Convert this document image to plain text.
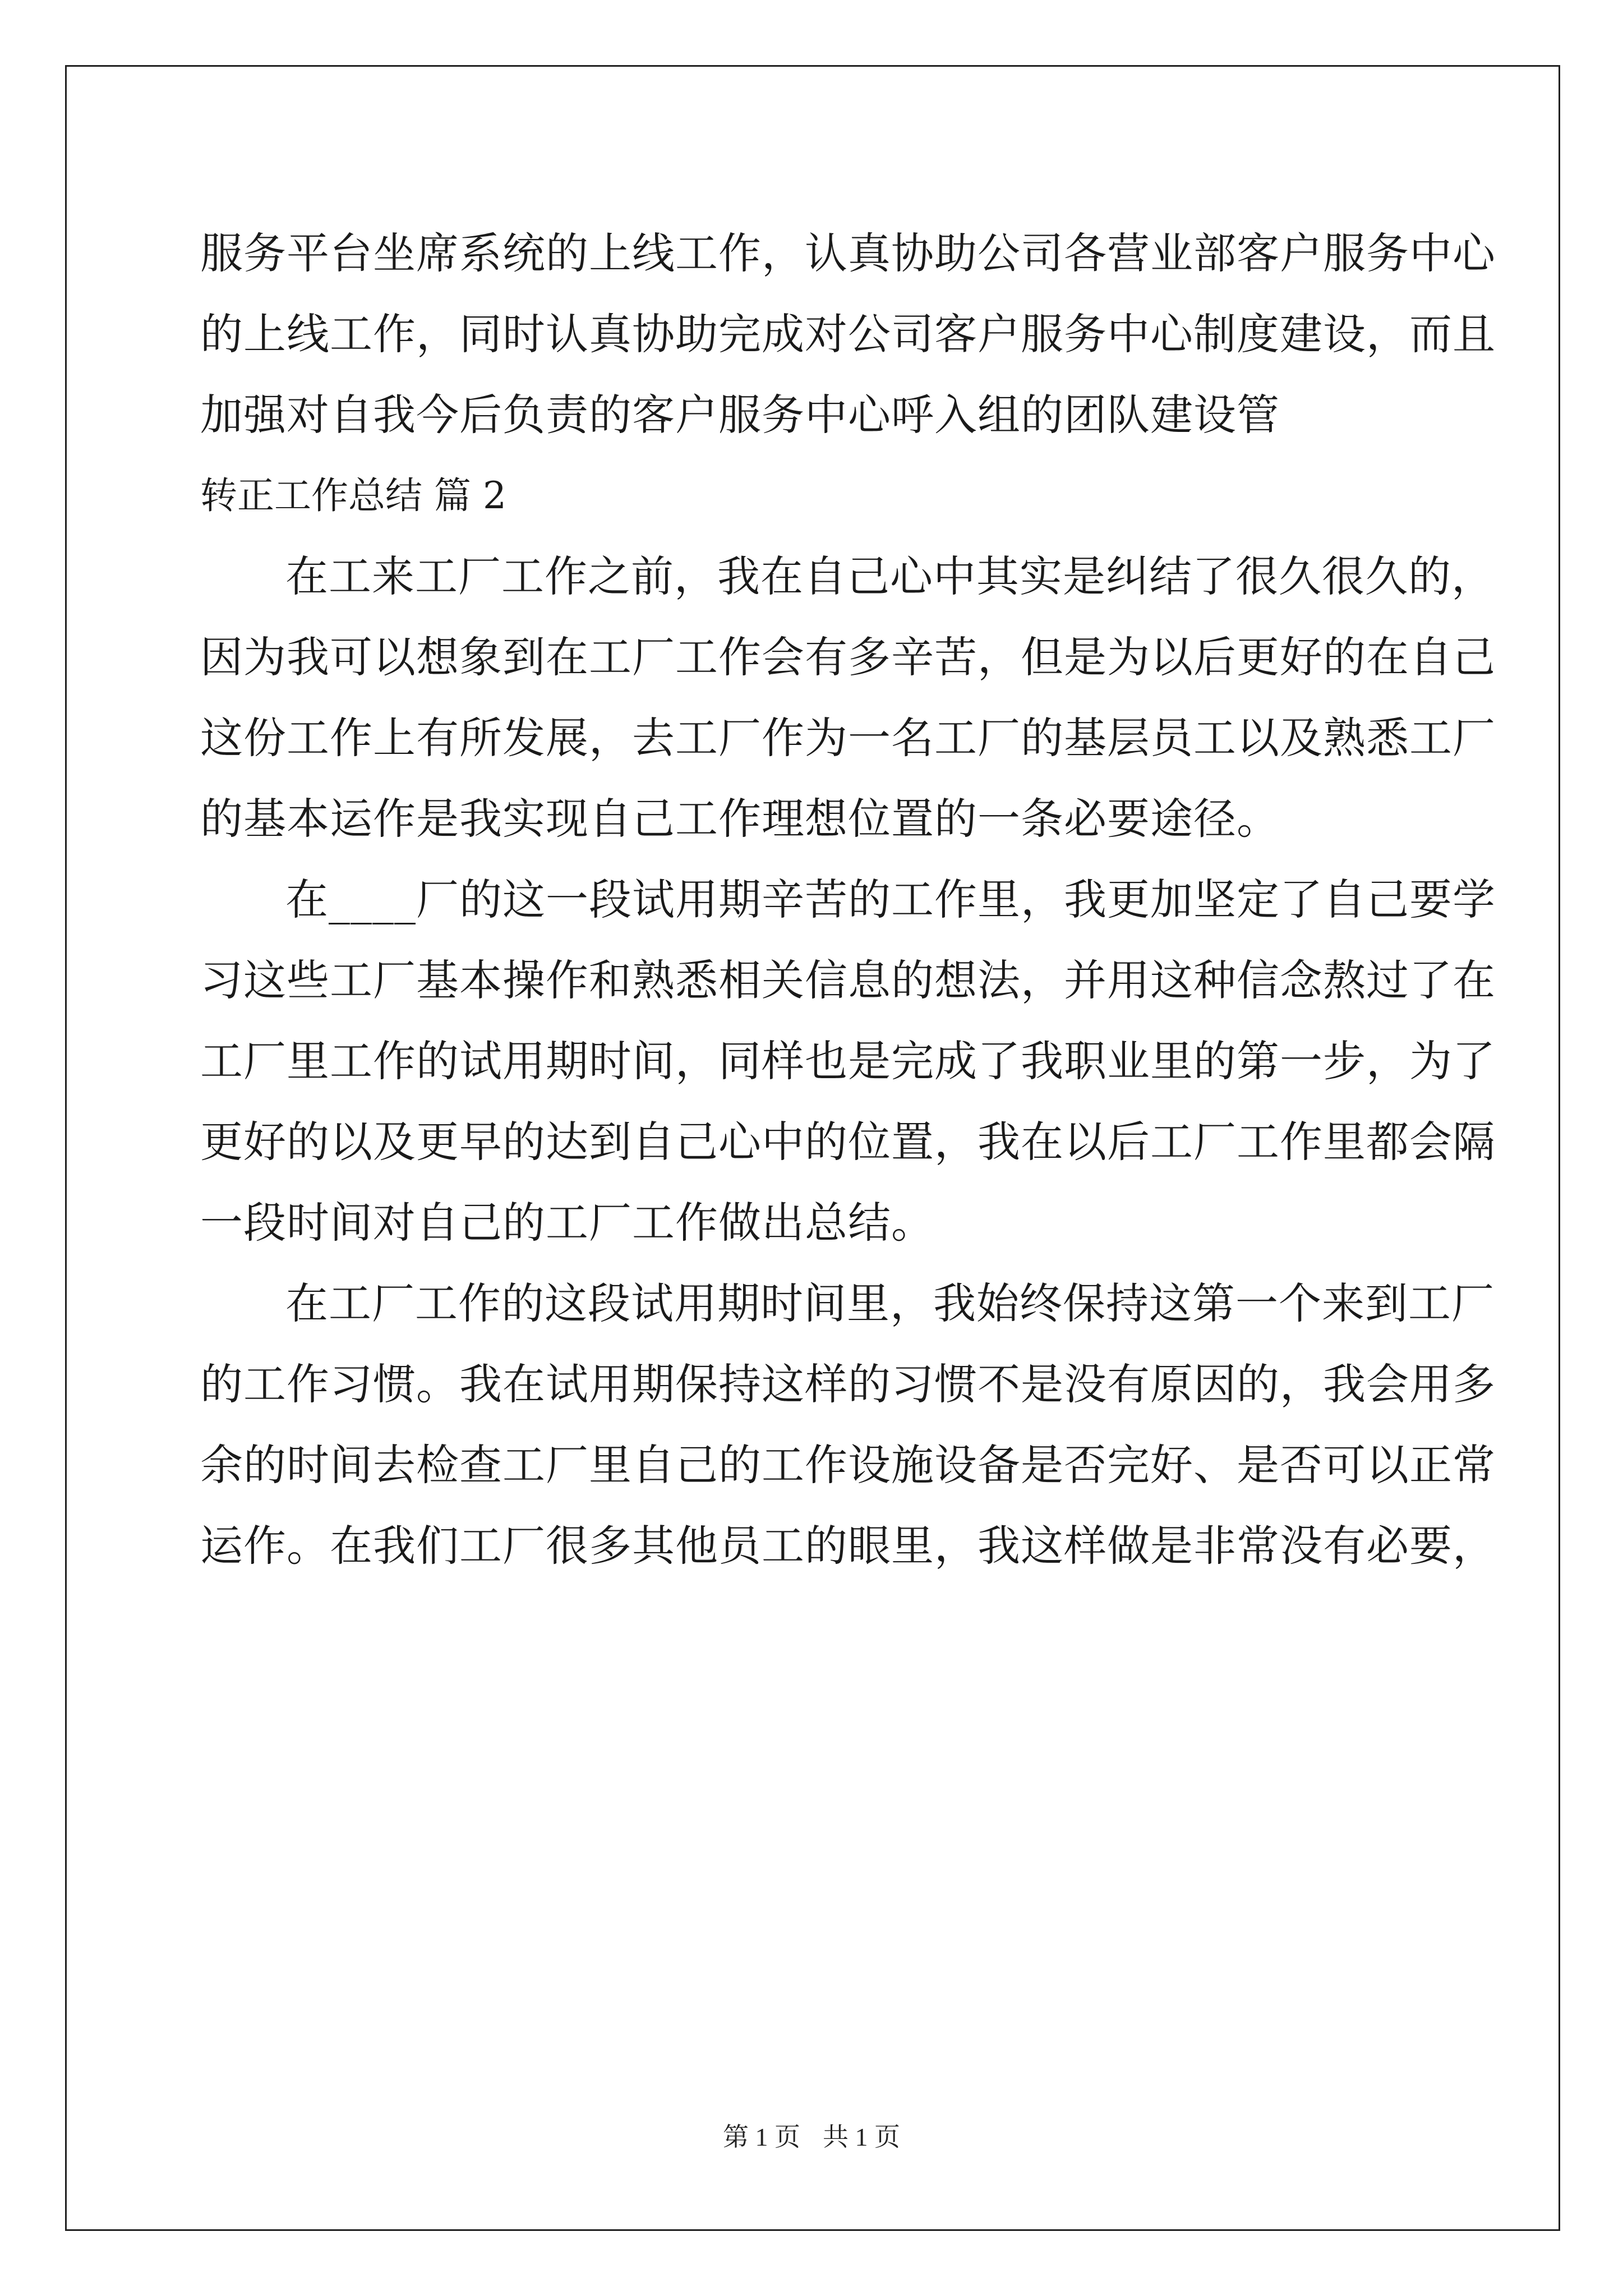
服务平台坐席系统的上线工作，认真协助公司各营业部客户服务中心
的上线工作，同时认真协助完成对公司客户服务中心制度建设，而且
加强对自我今后负责的客户服务中心呼入组的团队建设管
转正工作总结 篇 2
在工来工厂工作之前，我在自己心中其实是纠结了很久很久的，
因为我可以想象到在工厂工作会有多辛苦，但是为以后更好的在自己
这份工作上有所发展，去工厂作为一名工厂的基层员工以及熟悉工厂
的基本运作是我实现自己工作理想位置的一条必要途径。
在____厂的这一段试用期辛苦的工作里，我更加坚定了自己要学
习这些工厂基本操作和熟悉相关信息的想法，并用这种信念熬过了在
工厂里工作的试用期时间，同样也是完成了我职业里的第一步，为了
更好的以及更早的达到自己心中的位置，我在以后工厂工作里都会隔
一段时间对自己的工厂工作做出总结。
在工厂工作的这段试用期时间里，我始终保持这第一个来到工厂
的工作习惯。我在试用期保持这样的习惯不是没有原因的，我会用多
余的时间去检查工厂里自己的工作设施设备是否完好、是否可以正常
运作。在我们工厂很多其他员工的眼里，我这样做是非常没有必要，
第 1 页 共 1 页
